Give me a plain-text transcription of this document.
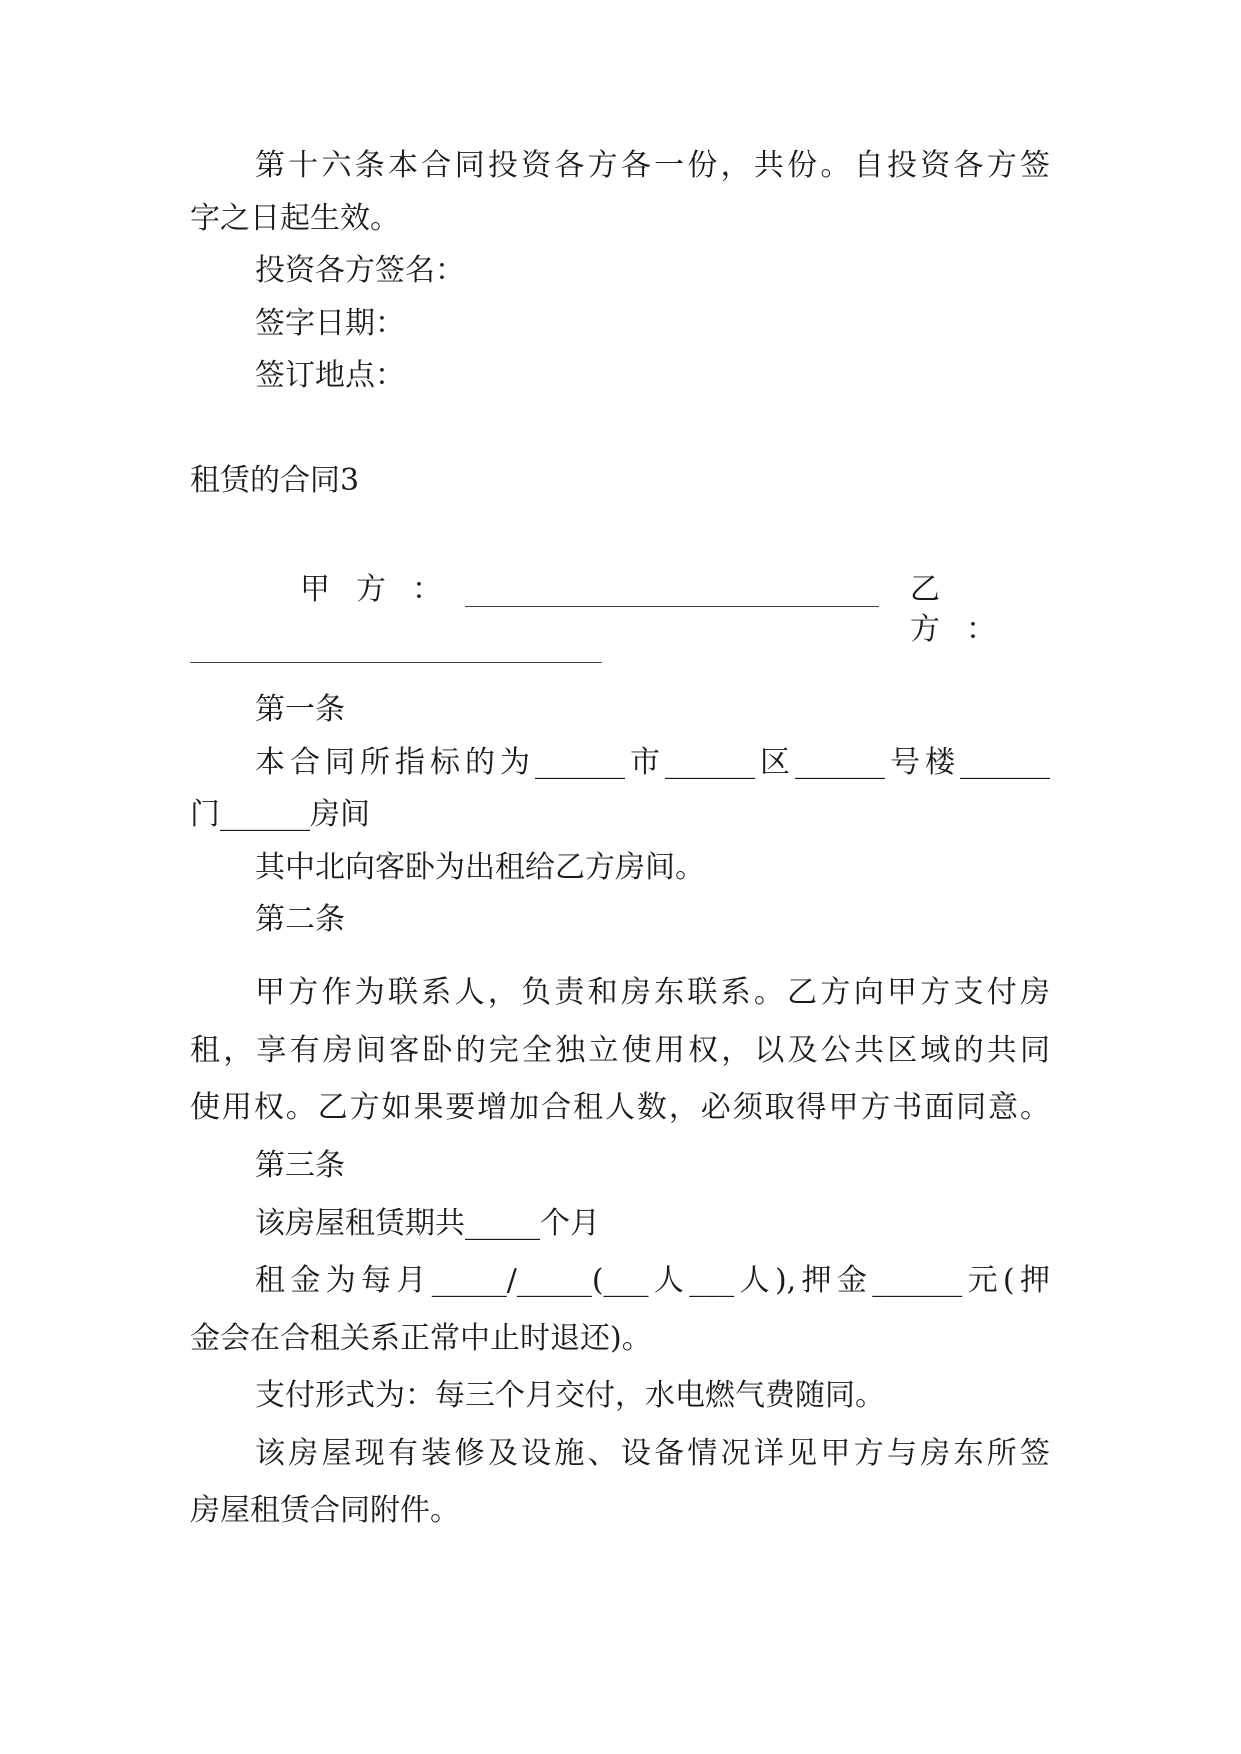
第十六条本合同投资各方各一份，共份。自投资各方签
字之日起生效。
投资各方签名：
签字日期：
签订地点：
租赁的合同3
甲方：	乙方：
第一条
本合同所指标的为______市______区______号楼______
门______房间
其中北向客卧为出租给乙方房间。
第二条
甲方作为联系人，负责和房东联系。乙方向甲方支付房
租，享有房间客卧的完全独立使用权，以及公共区域的共同
使用权。乙方如果要增加合租人数，必须取得甲方书面同意。
第三条
该房屋租赁期共_____个月
租金为每月_____/_____(___人___人),押金______元(押
金会在合租关系正常中止时退还)。
支付形式为：每三个月交付，水电燃气费随同。
该房屋现有装修及设施、设备情况详见甲方与房东所签
房屋租赁合同附件。
